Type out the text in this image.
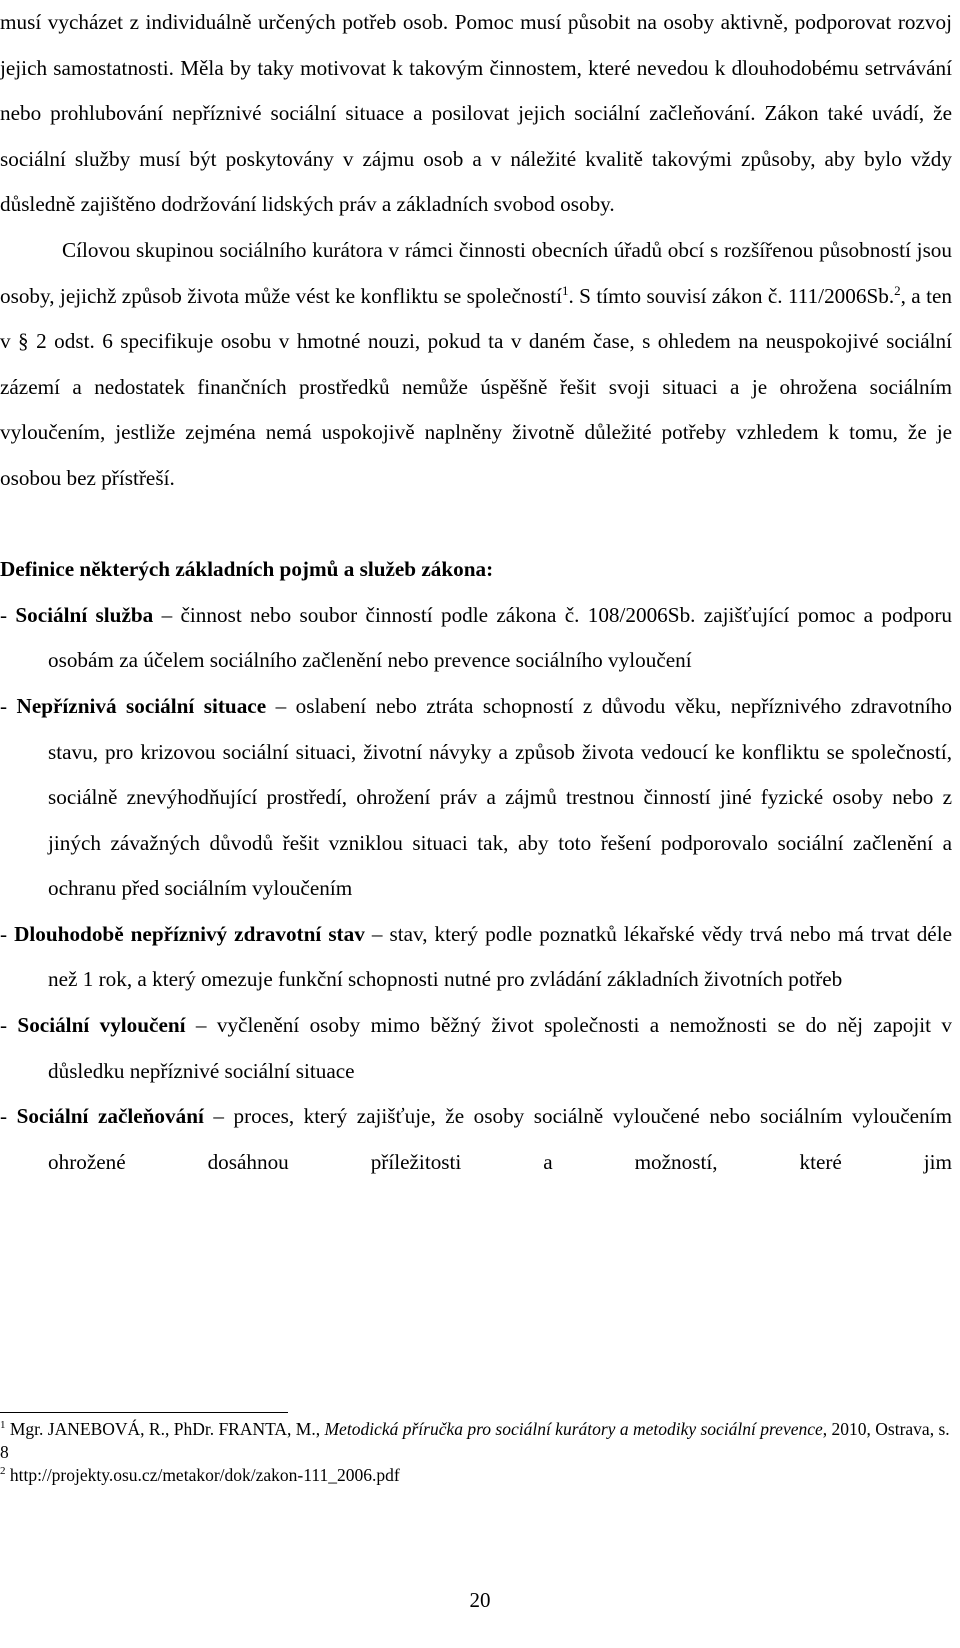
musí vycházet z individuálně určených potřeb osob. Pomoc musí působit na osoby aktivně, podporovat rozvoj jejich samostatnosti. Měla by taky motivovat k takovým činnostem, které nevedou k dlouhodobému setrvávání nebo prohlubování nepříznivé sociální situace a posilovat jejich sociální začleňování. Zákon také uvádí, že sociální služby musí být poskytovány v zájmu osob a v náležité kvalitě takovými způsoby, aby bylo vždy důsledně zajištěno dodržování lidských práv a základních svobod osoby.

Cílovou skupinou sociálního kurátora v rámci činnosti obecních úřadů obcí s rozšířenou působností jsou osoby, jejichž způsob života může vést ke konfliktu se společností$^1$. S tímto souvisí zákon č. 111/2006Sb.$^2$, a ten v § 2 odst. 6 specifikuje osobu v hmotné nouzi, pokud ta v daném čase, s ohledem na neuspokojivé sociální zázemí a nedostatek finančních prostředků nemůže úspěšně řešit svoji situaci a je ohrožena sociálním vyloučením, jestliže zejména nemá uspokojivě naplněny životně důležité potřeby vzhledem k tomu, že je osobou bez přístřeší.

Definice některých základních pojmů a služeb zákona:

- Sociální služba – činnost nebo soubor činností podle zákona č. 108/2006Sb. zajišťující pomoc a podporu osobám za účelem sociálního začlenění nebo prevence sociálního vyloučení

- Nepříznivá sociální situace – oslabení nebo ztráta schopností z důvodu věku, nepříznivého zdravotního stavu, pro krizovou sociální situaci, životní návyky a způsob života vedoucí ke konfliktu se společností, sociálně znevýhodňující prostředí, ohrožení práv a zájmů trestnou činností jiné fyzické osoby nebo z jiných závažných důvodů řešit vzniklou situaci tak, aby toto řešení podporovalo sociální začlenění a ochranu před sociálním vyloučením

- Dlouhodobě nepříznivý zdravotní stav – stav, který podle poznatků lékařské vědy trvá nebo má trvat déle než 1 rok, a který omezuje funkční schopnosti nutné pro zvládání základních životních potřeb

- Sociální vyloučení – vyčlenění osoby mimo běžný život společnosti a nemožnosti se do něj zapojit v důsledku nepříznivé sociální situace

- Sociální začleňování – proces, který zajišťuje, že osoby sociálně vyloučené nebo sociálním vyloučením ohrožené dosáhnou příležitosti a možností, které jim

$^1$ Mgr. JANEBOVÁ, R., PhDr. FRANTA, M., Metodická příručka pro sociální kurátory a metodiky sociální prevence, 2010, Ostrava, s. 8

$^2$ http://projekty.osu.cz/metakor/dok/zakon-111_2006.pdf

20
